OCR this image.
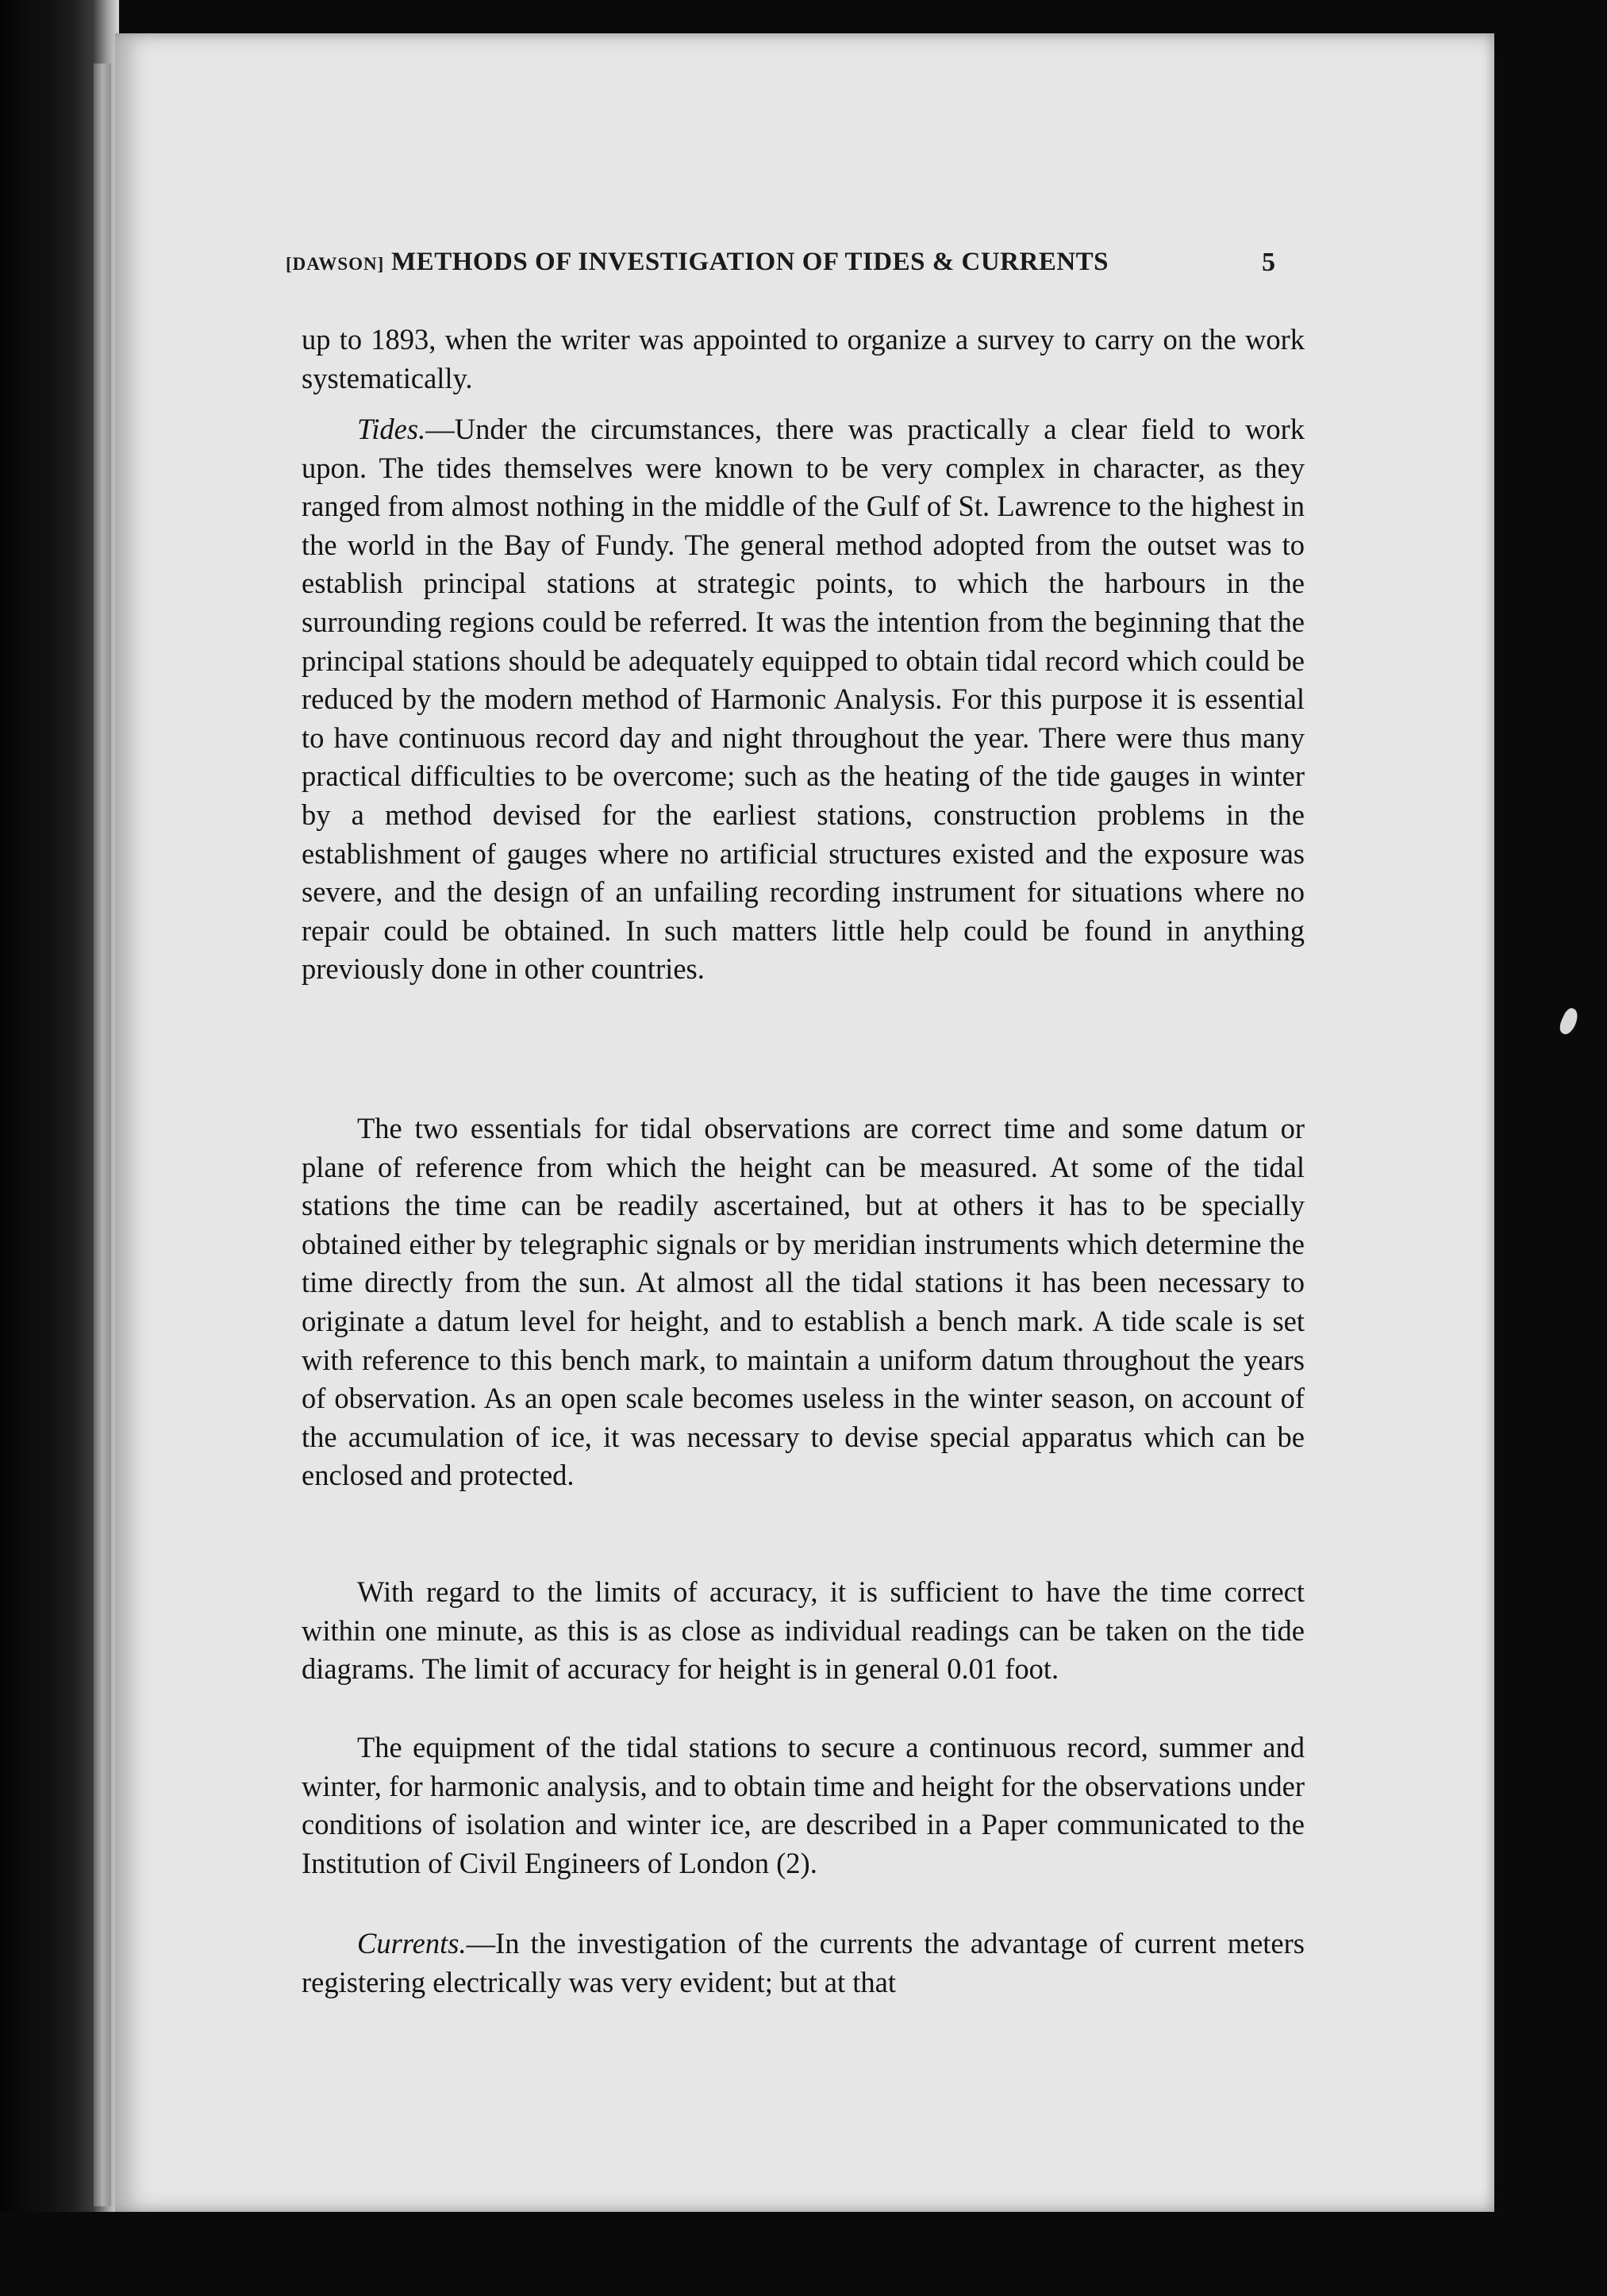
[DAWSON] METHODS OF INVESTIGATION OF TIDES & CURRENTS	5

up to 1893, when the writer was appointed to organize a survey to carry on the work systematically.

Tides.—Under the circumstances, there was practically a clear field to work upon. The tides themselves were known to be very complex in character, as they ranged from almost nothing in the middle of the Gulf of St. Lawrence to the highest in the world in the Bay of Fundy. The general method adopted from the outset was to establish principal stations at strategic points, to which the harbours in the surrounding regions could be referred. It was the intention from the beginning that the principal stations should be adequately equipped to obtain tidal record which could be reduced by the modern method of Harmonic Analysis. For this purpose it is essential to have continuous record day and night throughout the year. There were thus many practical difficulties to be overcome; such as the heating of the tide gauges in winter by a method devised for the earliest stations, construction problems in the establishment of gauges where no artificial structures existed and the exposure was severe, and the design of an unfailing recording instrument for situations where no repair could be obtained. In such matters little help could be found in anything previously done in other countries.

The two essentials for tidal observations are correct time and some datum or plane of reference from which the height can be measured. At some of the tidal stations the time can be readily ascertained, but at others it has to be specially obtained either by telegraphic signals or by meridian instruments which determine the time directly from the sun. At almost all the tidal stations it has been necessary to originate a datum level for height, and to establish a bench mark. A tide scale is set with reference to this bench mark, to maintain a uniform datum throughout the years of observation. As an open scale becomes useless in the winter season, on account of the accumulation of ice, it was necessary to devise special apparatus which can be enclosed and protected.

With regard to the limits of accuracy, it is sufficient to have the time correct within one minute, as this is as close as individual readings can be taken on the tide diagrams. The limit of accuracy for height is in general 0.01 foot.

The equipment of the tidal stations to secure a continuous record, summer and winter, for harmonic analysis, and to obtain time and height for the observations under conditions of isolation and winter ice, are described in a Paper communicated to the Institution of Civil Engineers of London (2).

Currents.—In the investigation of the currents the advantage of current meters registering electrically was very evident; but at that
